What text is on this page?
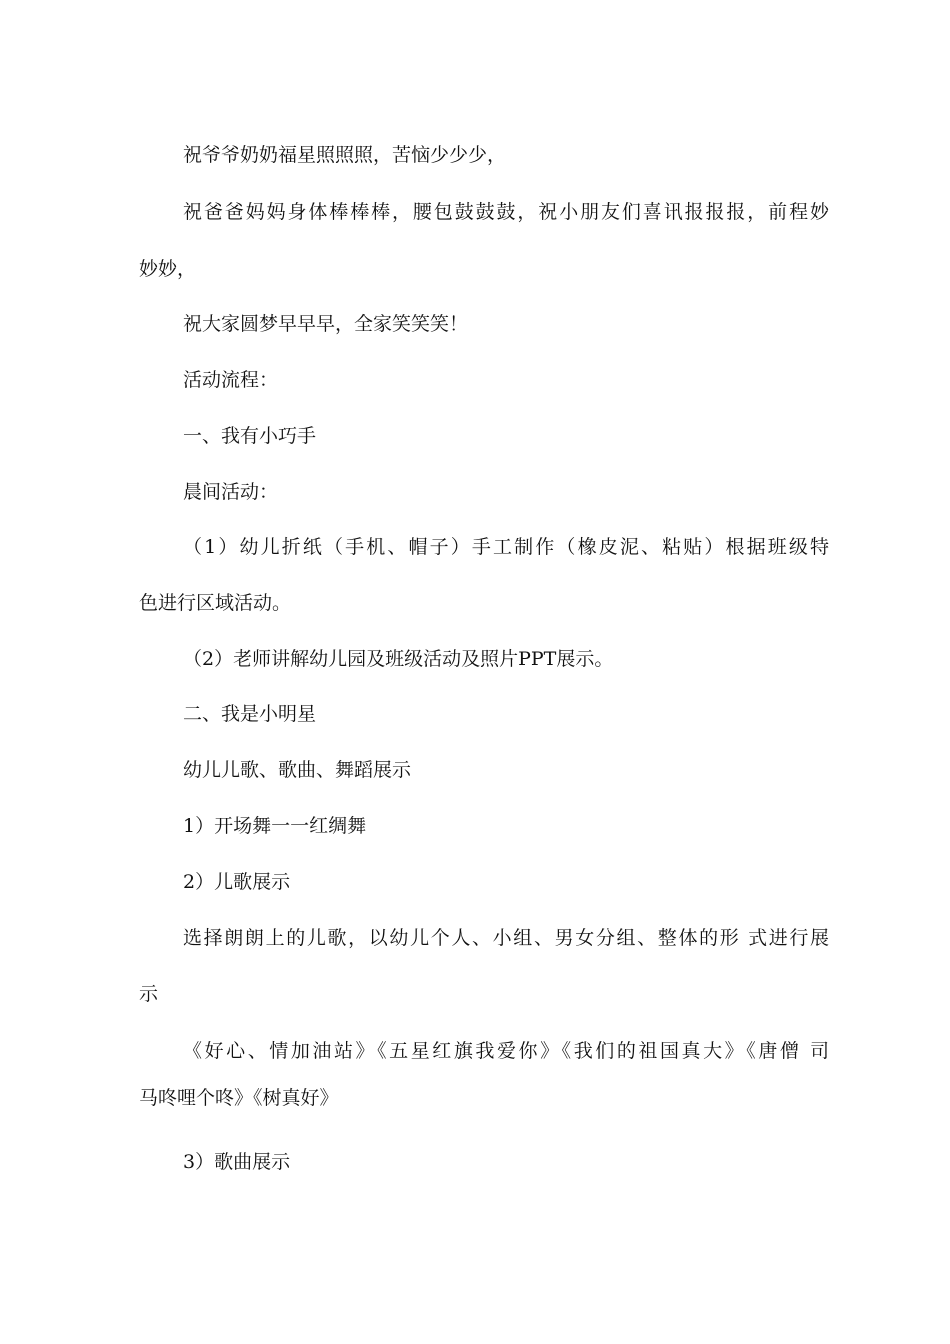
祝爷爷奶奶福星照照照，苦恼少少少，
祝爸爸妈妈身体棒棒棒，腰包鼓鼓鼓，祝小朋友们喜讯报报报，前程妙
妙妙，
祝大家圆梦早早早，全家笑笑笑！
活动流程：
一、我有小巧手
晨间活动：
（1）幼儿折纸（手机、帽子）手工制作（橡皮泥、粘贴）根据班级特
色进行区域活动。
（2）老师讲解幼儿园及班级活动及照片PPT展示。
二、我是小明星
幼儿儿歌、歌曲、舞蹈展示
1）开场舞一一红绸舞
2）儿歌展示
选择朗朗上的儿歌，以幼儿个人、小组、男女分组、整体的形 式进行展
示
《好心、情加油站》《五星红旗我爱你》《我们的祖国真大》《唐僧 司
马咚哩个咚》《树真好》
3）歌曲展示
